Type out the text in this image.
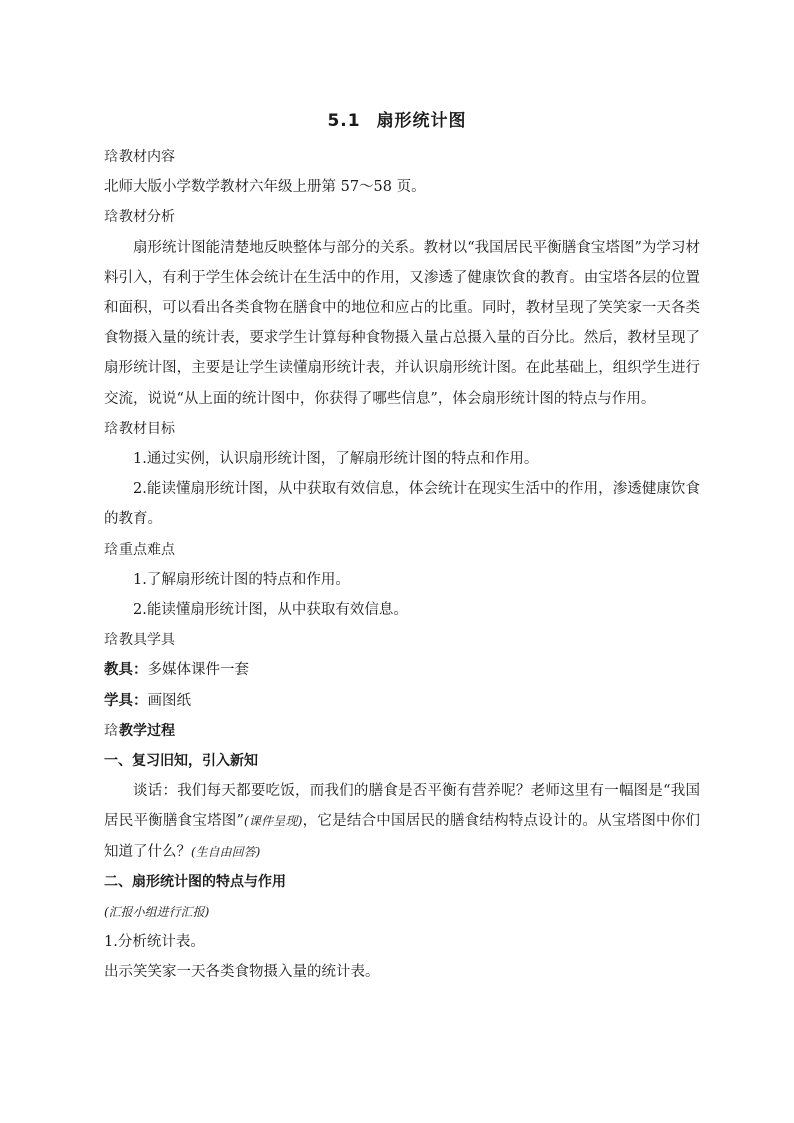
5.1 扇形统计图

琀教材内容

北师大版小学数学教材六年级上册第 57～58 页。

琀教材分析

扇形统计图能清楚地反映整体与部分的关系。教材以“我国居民平衡膳食宝塔图”为学习材料引入，有利于学生体会统计在生活中的作用，又渗透了健康饮食的教育。由宝塔各层的位置和面积，可以看出各类食物在膳食中的地位和应占的比重。同时，教材呈现了笑笑家一天各类食物摄入量的统计表，要求学生计算每种食物摄入量占总摄入量的百分比。然后，教材呈现了扇形统计图，主要是让学生读懂扇形统计表，并认识扇形统计图。在此基础上，组织学生进行交流，说说“从上面的统计图中，你获得了哪些信息”，体会扇形统计图的特点与作用。

琀教材目标

1.通过实例，认识扇形统计图，了解扇形统计图的特点和作用。

2.能读懂扇形统计图，从中获取有效信息，体会统计在现实生活中的作用，渗透健康饮食的教育。

琀重点难点

1.了解扇形统计图的特点和作用。

2.能读懂扇形统计图，从中获取有效信息。

琀教具学具

教具：多媒体课件一套

学具：画图纸

琀教学过程

一、复习旧知，引入新知

谈话：我们每天都要吃饭，而我们的膳食是否平衡有营养呢？老师这里有一幅图是“我国居民平衡膳食宝塔图”(课件呈现)，它是结合中国居民的膳食结构特点设计的。从宝塔图中你们知道了什么？(生自由回答)

二、扇形统计图的特点与作用

(汇报小组进行汇报)

1.分析统计表。

出示笑笑家一天各类食物摄入量的统计表。
